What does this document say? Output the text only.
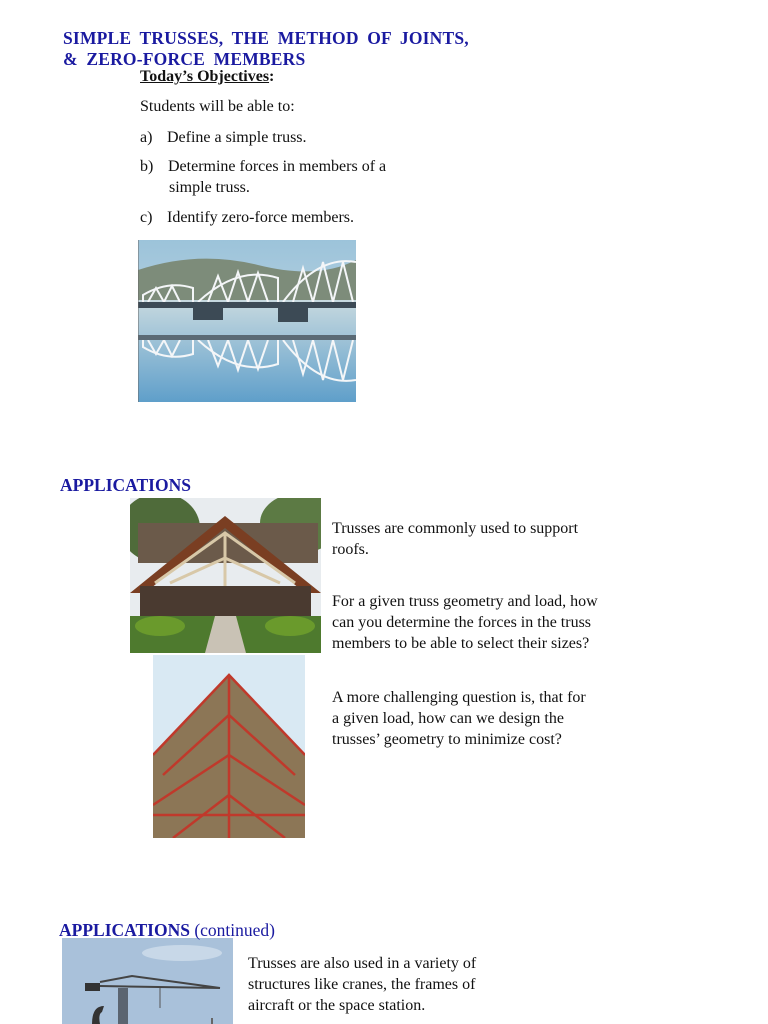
SIMPLE TRUSSES, THE METHOD OF JOINTS,
& ZERO-FORCE MEMBERS
Today’s Objectives:
Students will be able to:
a) Define a simple truss.
b) Determine forces in members of a
simple truss.
c) Identify zero-force members.
APPLICATIONS
Trusses are commonly used to support
roofs.
For a given truss geometry and load, how
can you determine the forces in the truss
members to be able to select their sizes?
A more challenging question is, that for
a given load, how can we design the
trusses’ geometry to minimize cost?
APPLICATIONS (continued)
Trusses are also used in a variety of
structures like cranes, the frames of
aircraft or the space station.
